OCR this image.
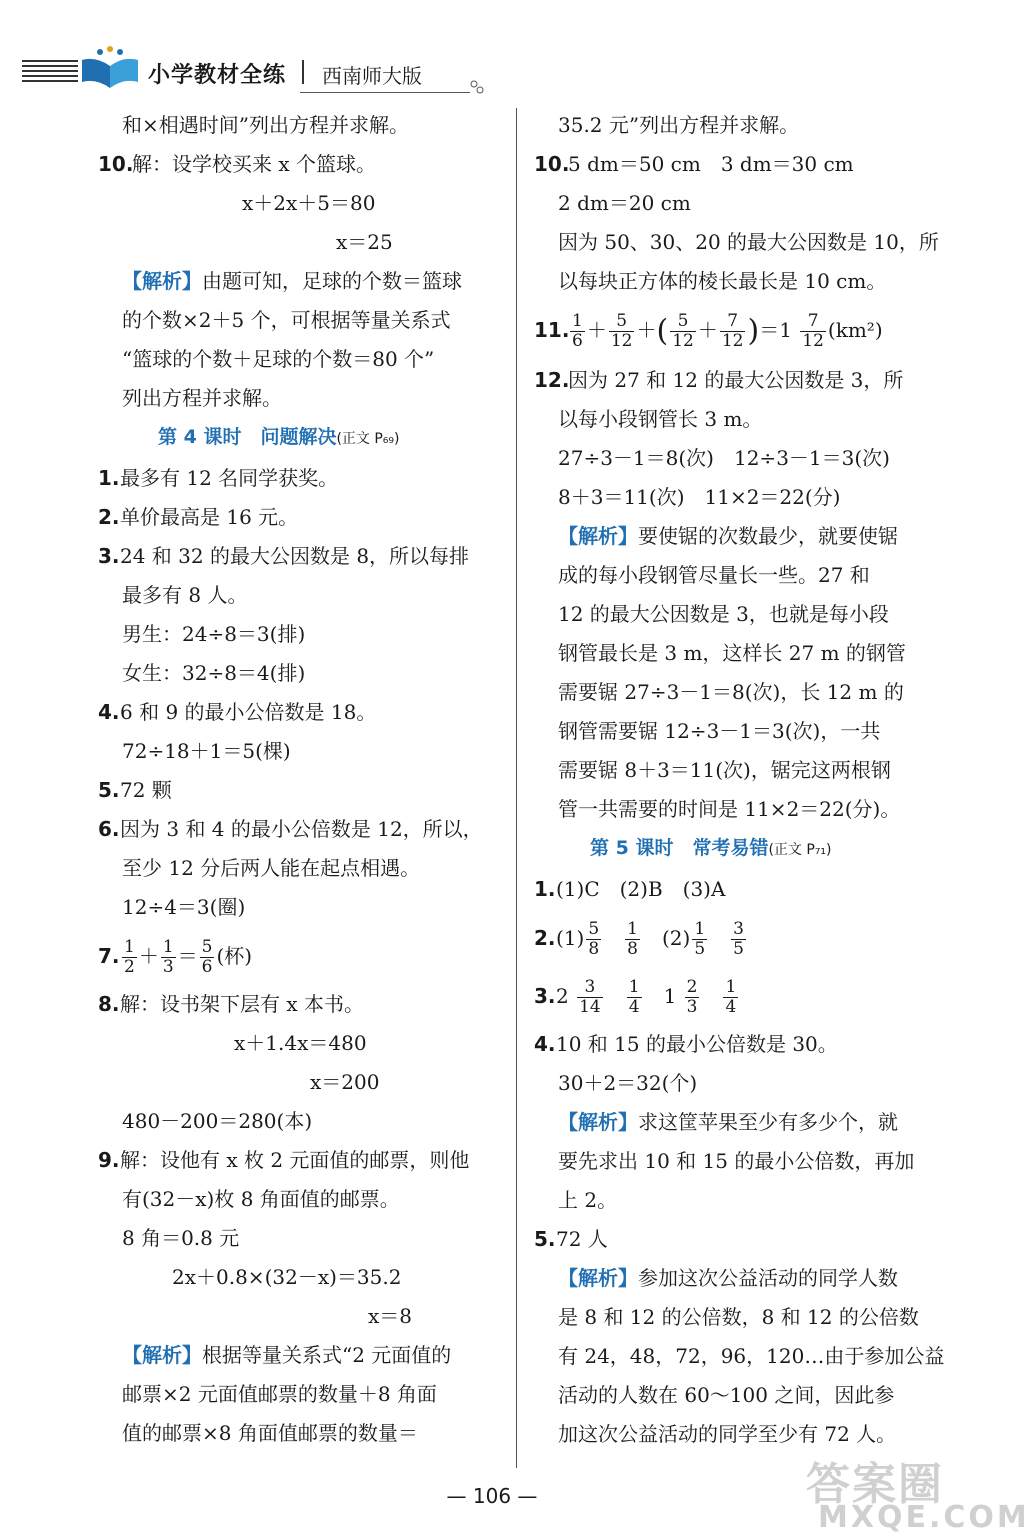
小学教材全练 西南师大版
和×相遇时间”列出方程并求解。
10.解：设学校买来 x 个篮球。
x＋2x＋5＝80
x＝25
【解析】由题可知，足球的个数＝篮球
的个数×2＋5 个，可根据等量关系式
“篮球的个数＋足球的个数＝80 个”
列出方程并求解。
第 4 课时　问题解决(正文 P₆₉)
1.最多有 12 名同学获奖。
2.单价最高是 16 元。
3.24 和 32 的最大公因数是 8，所以每排
最多有 8 人。
男生：24÷8＝3(排)
女生：32÷8＝4(排)
4.6 和 9 的最小公倍数是 18。
72÷18＋1＝5(棵)
5.72 颗
6.因为 3 和 4 的最小公倍数是 12，所以，
至少 12 分后两人能在起点相遇。
12÷4＝3(圈)
7. $\frac{1}{2} + \frac{1}{3} = \frac{5}{6}$ (杯)
8.解：设书架下层有 x 本书。
x＋1.4x＝480
x＝200
480－200＝280(本)
9.解：设他有 x 枚 2 元面值的邮票，则他
有(32－x)枚 8 角面值的邮票。
8 角＝0.8 元
2x＋0.8×(32－x)＝35.2
x＝8
【解析】根据等量关系式“2 元面值的
邮票×2 元面值邮票的数量＋8 角面
值的邮票×8 角面值邮票的数量＝
35.2 元”列出方程并求解。
10.5 dm＝50 cm　3 dm＝30 cm
2 dm＝20 cm
因为 50、30、20 的最大公因数是 10，所
以每块正方体的棱长最长是 10 cm。
11. $\frac{1}{6} + \frac{5}{12}$ ＋( $\frac{5}{12} + \frac{7}{12} )=1 \frac{7}{12} (km^2)$
12.因为 27 和 12 的最大公因数是 3，所
以每小段钢管长 3 m。
27÷3－1＝8(次)　12÷3－1＝3(次)
8＋3＝11(次)　11×2＝22(分)
【解析】要使锯的次数最少，就要使锯
成的每小段钢管尽量长一些。27 和
12 的最大公因数是 3，也就是每小段
钢管最长是 3 m，这样长 27 m 的钢管
需要锯 27÷3－1＝8(次)，长 12 m 的
钢管需要锯 12÷3－1＝3(次)，一共
需要锯 8＋3＝11(次)，锯完这两根钢
管一共需要的时间是 11×2＝22(分)。
第 5 课时　常考易错(正文 P₇₁)
1.(1)C　(2)B　(3)A
$2.(1) \frac{5}{8}$
　 $\frac{1}{8}$
　 $(2) \frac{1}{5}$
　 $\frac{3}{5}$
$3.2 \frac{3}{14}$
　 $\frac{1}{4}$
　 $1 \frac{2}{3}$
　 $\frac{1}{4}$
4.10 和 15 的最小公倍数是 30。
30＋2＝32(个)
【解析】求这筐苹果至少有多少个，就
要先求出 10 和 15 的最小公倍数，再加
上 2。
5.72 人
【解析】参加这次公益活动的同学人数
是 8 和 12 的公倍数，8 和 12 的公倍数
有 24，48，72，96，120…由于参加公益
活动的人数在 60～100 之间，因此参
加这次公益活动的同学至少有 72 人。
— 106 —	答案圈
MXQE.COM
